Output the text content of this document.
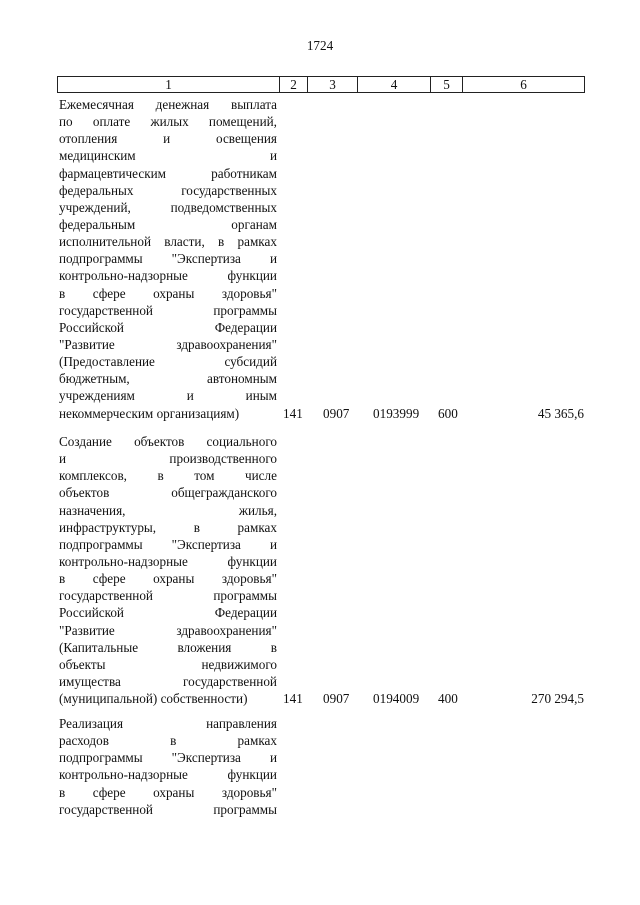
1724
1	2	3	4	5	6
Ежемесячная денежная выплата
по оплате жилых помещений,
отопления	и	освещения
медицинским	и
фармацевтическим	работникам
федеральных	государственных
учреждений,	подведомственных
федеральным	органам
исполнительной власти, в рамках
подпрограммы "Экспертиза и
контрольно-надзорные	функции
в сфере охраны здоровья"
государственной	программы
Российской	Федерации
"Развитие	здравоохранения"
(Предоставление	субсидий
бюджетным,	автономным
учреждениям	и	иным
некоммерческим организациям)	141 0907 0193999 600	45 365,6
Создание объектов социального
и	производственного
комплексов, в том числе
объектов	общегражданского
назначения,	жилья,
инфраструктуры,	в	рамках
подпрограммы "Экспертиза и
контрольно-надзорные	функции
в сфере охраны здоровья"
государственной	программы
Российской	Федерации
"Развитие	здравоохранения"
(Капитальные	вложения	в
объекты	недвижимого
имущества	государственной
(муниципальной) собственности)	141 0907 0194009 400	270 294,5
Реализация	направления
расходов	в	рамках
подпрограммы "Экспертиза и
контрольно-надзорные	функции
в сфере охраны здоровья"
государственной	программы
